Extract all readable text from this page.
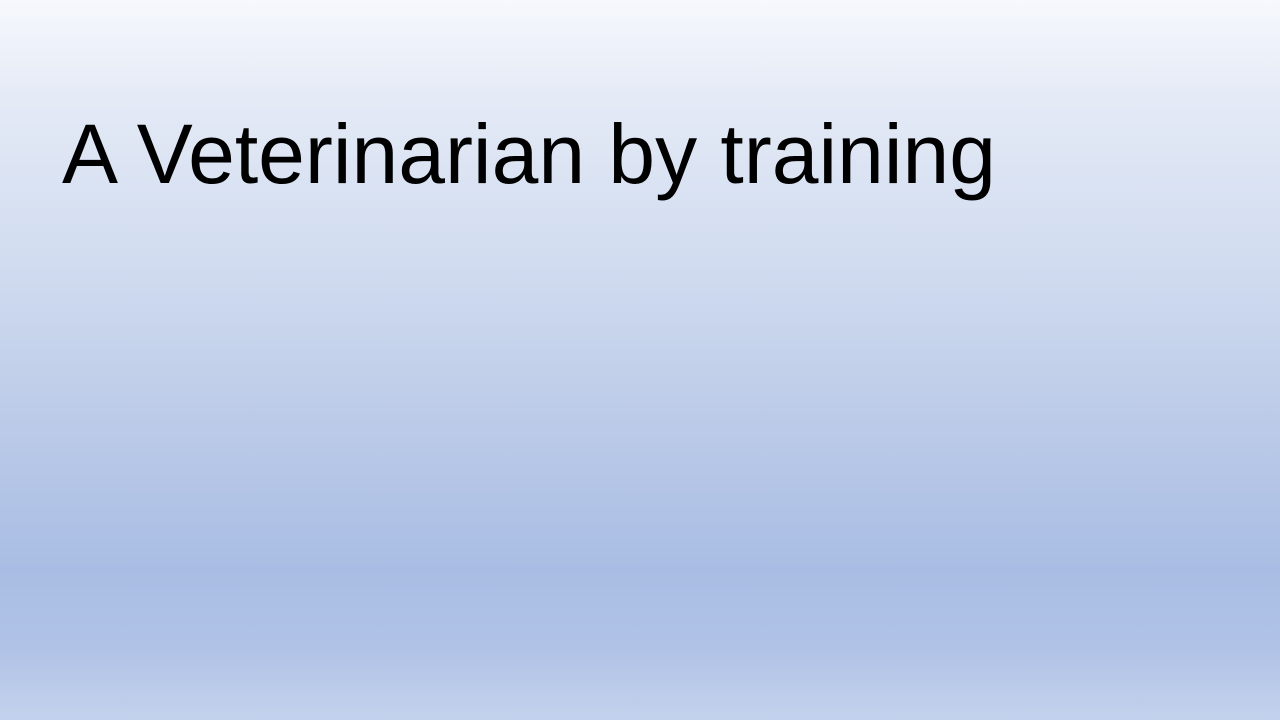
A Veterinarian by training
